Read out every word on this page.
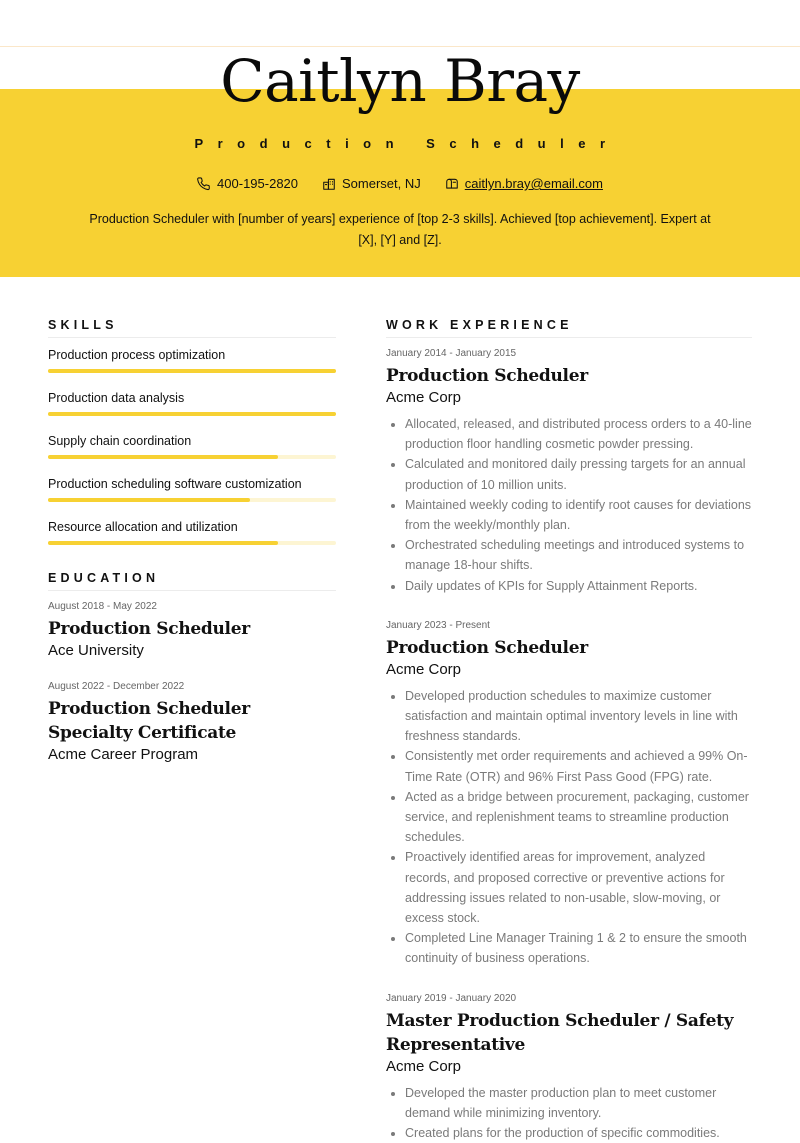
Caitlyn Bray
Production Scheduler
400-195-2820	Somerset, NJ	caitlyn.bray@email.com
Production Scheduler with [number of years] experience of [top 2-3 skills]. Achieved [top achievement]. Expert at [X], [Y] and [Z].
SKILLS
Production process optimization
Production data analysis
Supply chain coordination
Production scheduling software customization
Resource allocation and utilization
EDUCATION
August 2018 - May 2022
Production Scheduler
Ace University
August 2022 - December 2022
Production Scheduler Specialty Certificate
Acme Career Program
WORK EXPERIENCE
January 2014 - January 2015
Production Scheduler
Acme Corp
• Allocated, released, and distributed process orders to a 40-line production floor handling cosmetic powder pressing.
• Calculated and monitored daily pressing targets for an annual production of 10 million units.
• Maintained weekly coding to identify root causes for deviations from the weekly/monthly plan.
• Orchestrated scheduling meetings and introduced systems to manage 18-hour shifts.
• Daily updates of KPIs for Supply Attainment Reports.
January 2023 - Present
Production Scheduler
Acme Corp
• Developed production schedules to maximize customer satisfaction and maintain optimal inventory levels in line with freshness standards.
• Consistently met order requirements and achieved a 99% On-Time Rate (OTR) and 96% First Pass Good (FPG) rate.
• Acted as a bridge between procurement, packaging, customer service, and replenishment teams to streamline production schedules.
• Proactively identified areas for improvement, analyzed records, and proposed corrective or preventive actions for addressing issues related to non-usable, slow-moving, or excess stock.
• Completed Line Manager Training 1 & 2 to ensure the smooth continuity of business operations.
January 2019 - January 2020
Master Production Scheduler / Safety Representative
Acme Corp
• Developed the master production plan to meet customer demand while minimizing inventory.
• Created plans for the production of specific commodities.
